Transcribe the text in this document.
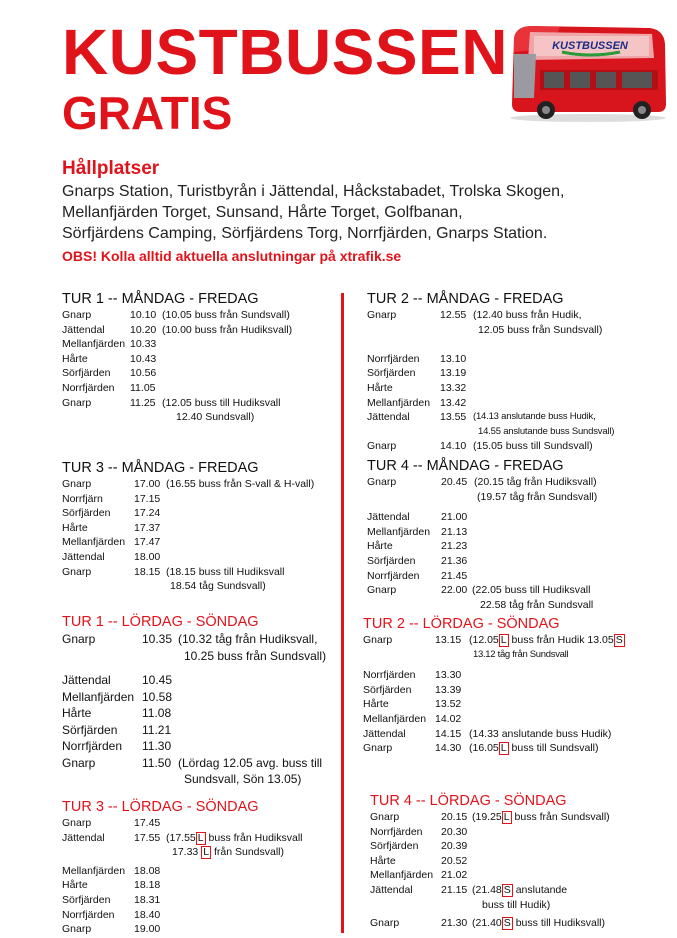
KUSTBUSSEN
GRATIS
KUSTBUSSEN
Hållplatser
Gnarps Station, Turistbyrån i Jättendal, Håckstabadet, Trolska Skogen,
Mellanfjärden Torget, Sunsand, Hårte Torget, Golfbanan,
Sörfjärdens Camping, Sörfjärdens Torg, Norrfjärden, Gnarps Station.
OBS! Kolla alltid aktuella anslutningar på xtrafik.se
TUR 1 -- MÅNDAG - FREDAG
Gnarp	10.10 (10.05 buss från Sundsvall)
Jättendal 10.20 (10.00 buss från Hudiksvall)
Mellanfjärden 10.33
Hårte	10.43
Sörfjärden 10.56
Norrfjärden 11.05
Gnarp	11.25 (12.05 buss till Hudiksvall
12.40 Sundsvall)
TUR 2 -- MÅNDAG - FREDAG
Gnarp	12.55 (12.40 buss från Hudik,
12.05 buss från Sundsvall)
Norrfjärden 13.10
Sörfjärden 13.19
Hårte	13.32
Mellanfjärden 13.42
Jättendal	13.55 (14.13 anslutande buss Hudik,
14.55 anslutande buss Sundsvall)
Gnarp	14.10 (15.05 buss till Sundsvall)
TUR 3 -- MÅNDAG - FREDAG
Gnarp	17.00 (16.55 buss från S-vall & H-vall)
Norrfjärn	17.15
Sörfjärden 17.24
Hårte	17.37
Mellanfjärden 17.47
Jättendal	18.00
Gnarp	18.15 (18.15 buss till Hudiksvall
18.54 tåg Sundsvall)
TUR 4 -- MÅNDAG - FREDAG
Gnarp	20.45 (20.15 tåg från Hudiksvall)
(19.57 tåg från Sundsvall)
Jättendal	21.00
Mellanfjärden 21.13
Hårte	21.23
Sörfjärden 21.36
Norrfjärden 21.45
Gnarp	22.00 (22.05 buss till Hudiksvall
22.58 tåg från Sundsvall
TUR 1 -- LÖRDAG - SÖNDAG
Gnarp	10.35 (10.32 tåg från Hudiksvall,
10.25 buss från Sundsvall)
Jättendal	10.45
Mellanfjärden 10.58
Hårte	11.08
Sörfjärden 11.21
Norrfjärden 11.30
Gnarp	11.50 (Lördag 12.05 avg. buss till
Sundsvall, Sön 13.05)
TUR 2 -- LÖRDAG - SÖNDAG
Gnarp	13.15 (12.05 L buss från Hudik 13.05 S
13.12 tåg från Sundsvall
Norrfjärden 13.30
Sörfjärden 13.39
Hårte	13.52
Mellanfjärden 14.02
Jättendal	14.15 (14.33 anslutande buss Hudik)
Gnarp	14.30 (16.05 L buss till Sundsvall)
TUR 3 -- LÖRDAG - SÖNDAG
Gnarp	17.45
Jättendal	17.55 (17.55 L buss från Hudiksvall
17.33 L från Sundsvall)
Mellanfjärden 18.08
Hårte	18.18
Sörfjärden 18.31
Norrfjärden 18.40
Gnarp	19.00
TUR 4 -- LÖRDAG - SÖNDAG
Gnarp	20.15 (19.25 L buss från Sundsvall)
Norrfjärden 20.30
Sörfjärden 20.39
Hårte	20.52
Mellanfjärden 21.02
Jättendal	21.15 (21.48 S anslutande
buss till Hudik)
Gnarp	21.30 (21.40 S buss till Hudiksvall)
